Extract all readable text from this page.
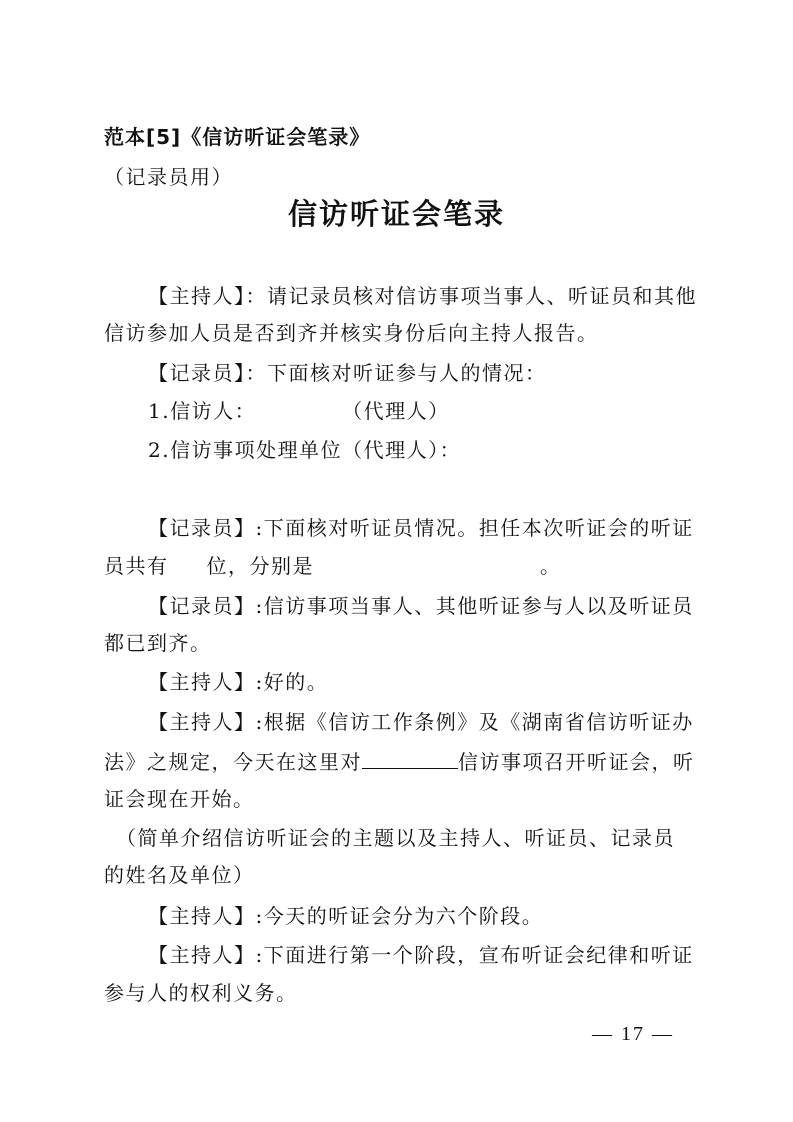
范本[5]《信访听证会笔录》
（记录员用）
信访听证会笔录
【主持人】：请记录员核对信访事项当事人、听证员和其他
信访参加人员是否到齐并核实身份后向主持人报告。
【记录员】：下面核对听证参与人的情况：
1.信访人：	（代理人）
2.信访事项处理单位（代理人）：
【记录员】:下面核对听证员情况。担任本次听证会的听证
员共有 位，分别是	。
【记录员】:信访事项当事人、其他听证参与人以及听证员
都已到齐。
【主持人】:好的。
【主持人】:根据《信访工作条例》及《湖南省信访听证办
法》之规定，今天在这里对	信访事项召开听证会，听
证会现在开始。
（简单介绍信访听证会的主题以及主持人、听证员、记录员
的姓名及单位）
【主持人】:今天的听证会分为六个阶段。
【主持人】:下面进行第一个阶段，宣布听证会纪律和听证
参与人的权利义务。
— 17 —
